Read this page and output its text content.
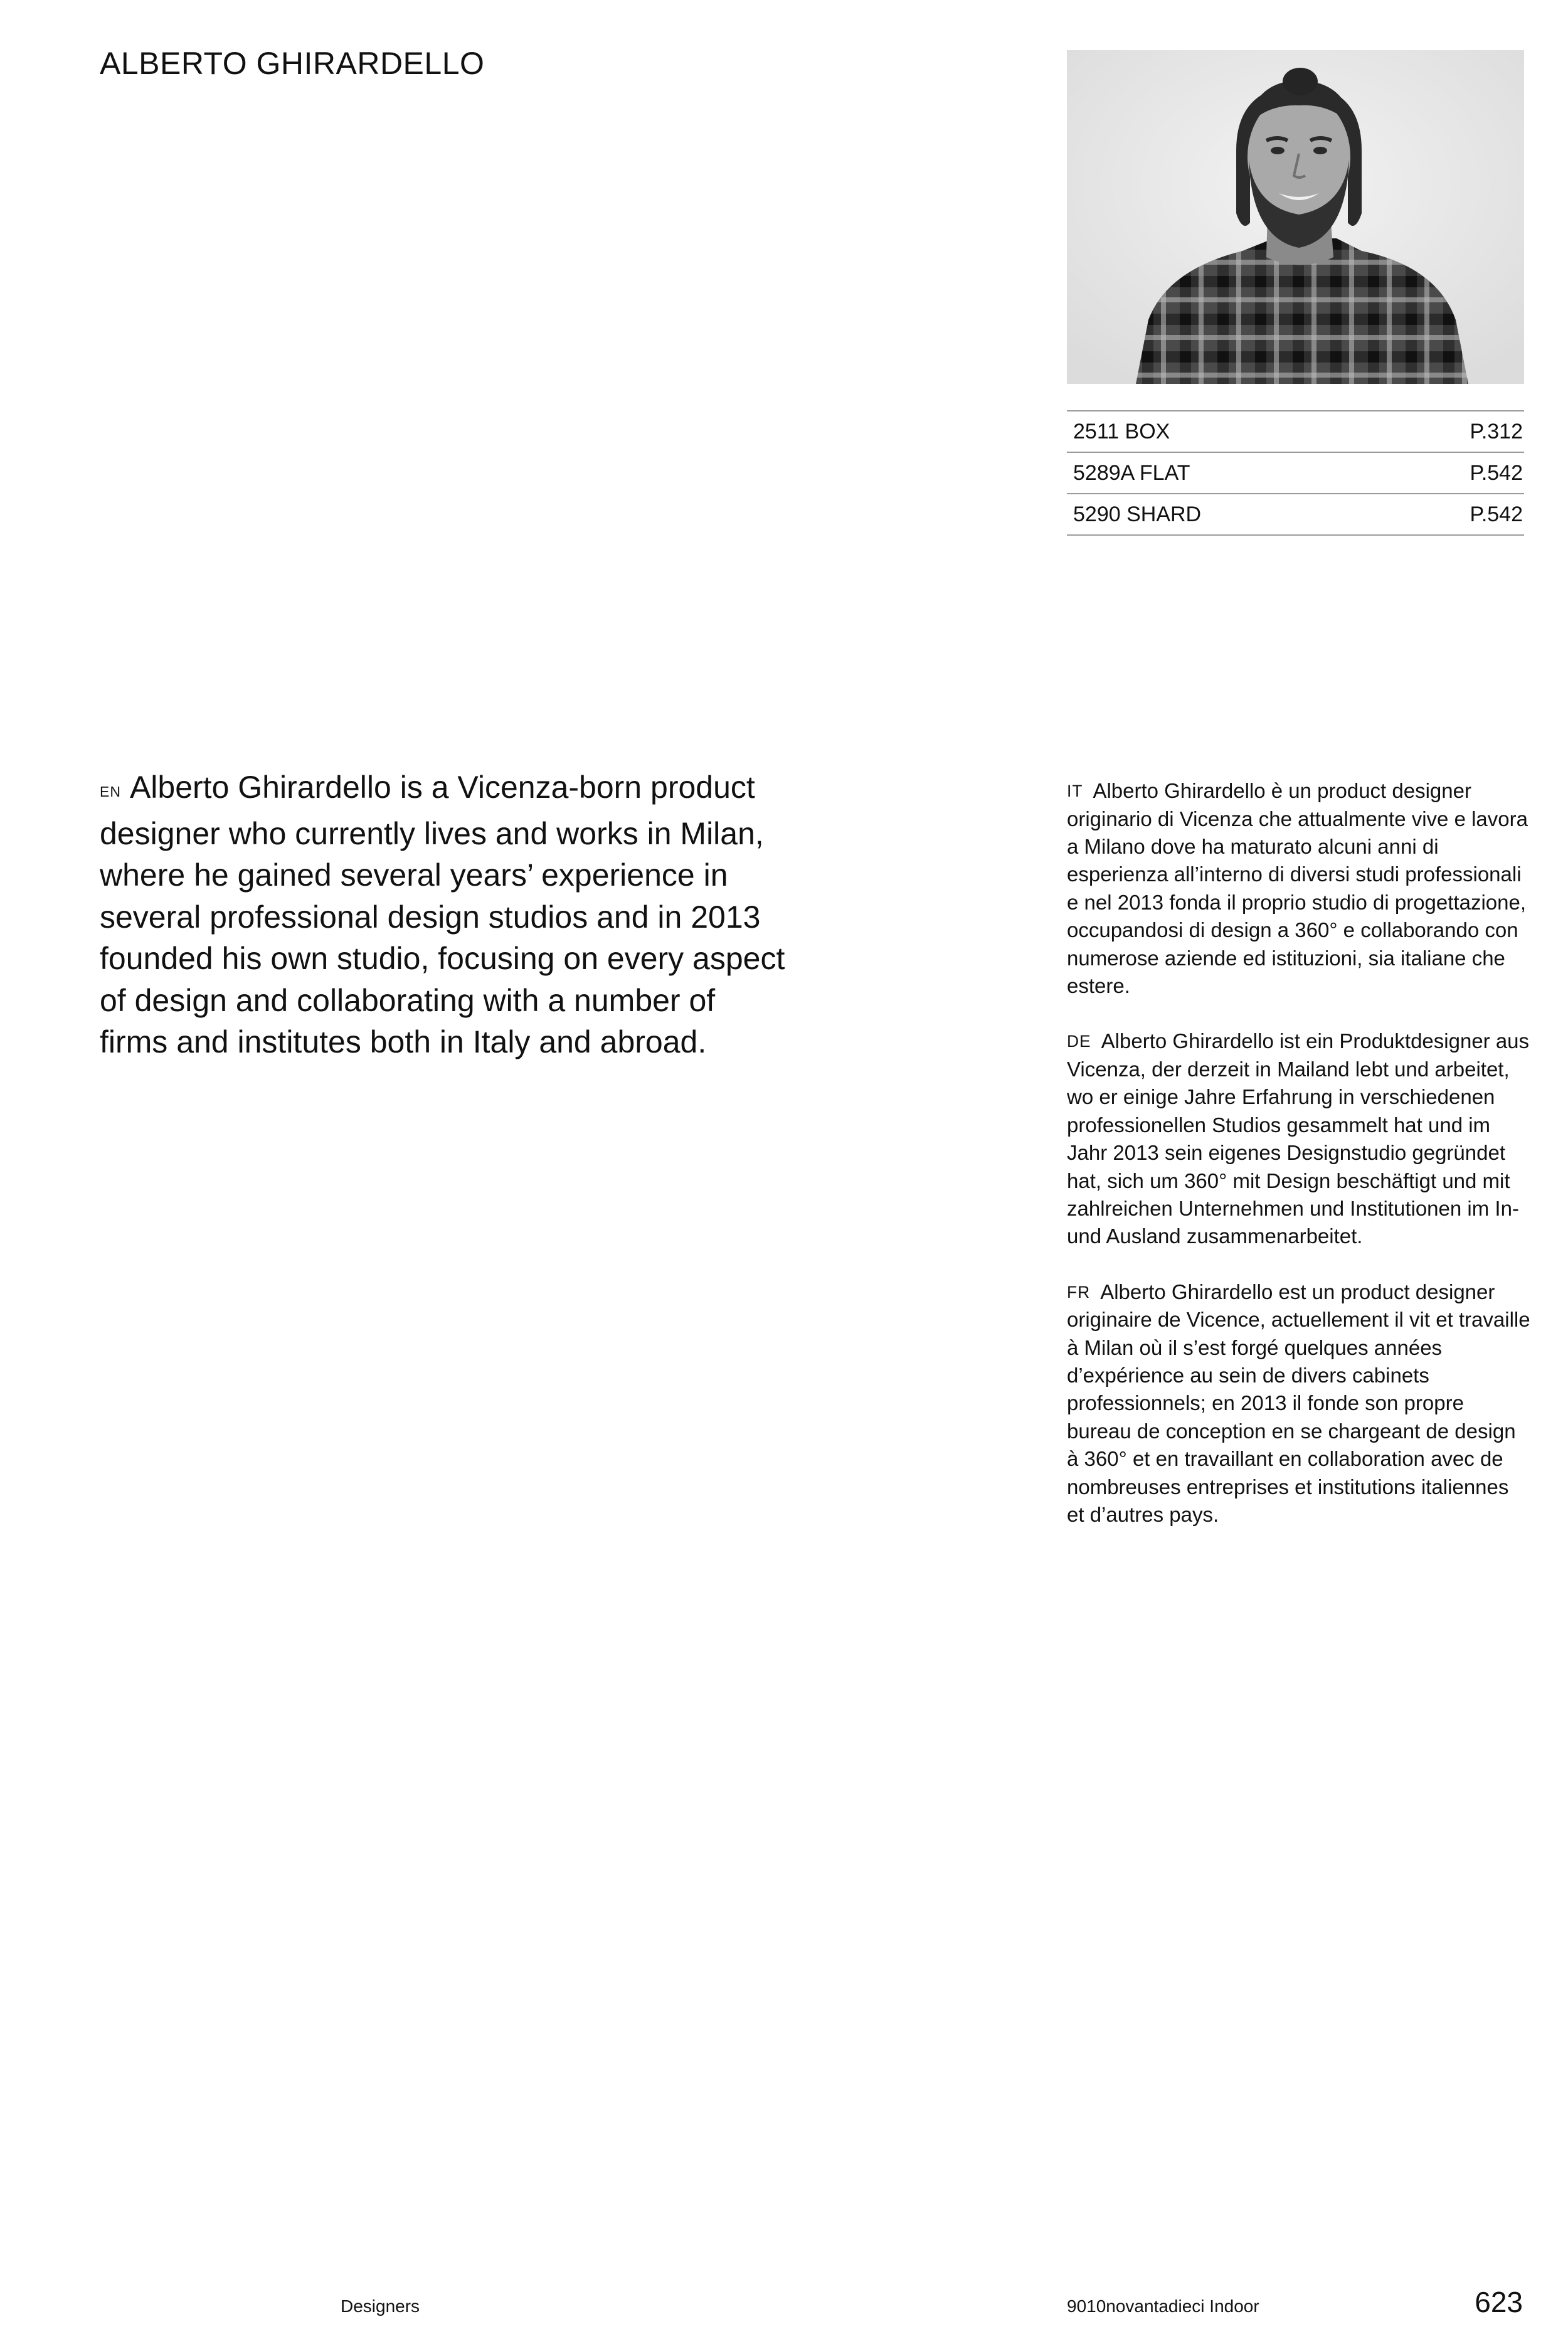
ALBERTO GHIRARDELLO
2511 BOX	P.312
5289A FLAT	P.542
5290 SHARD	P.542
EN Alberto Ghirardello is a Vicenza-born product designer who currently lives and works in Milan, where he gained several years’ experience in several professional design studios and in 2013 founded his own studio, focusing on every aspect of design and collaborating with a number of firms and institutes both in Italy and abroad.

IT Alberto Ghirardello è un product designer originario di Vicenza che attualmente vive e lavora a Milano dove ha maturato alcuni anni di esperienza all’interno di diversi studi professionali e nel 2013 fonda il proprio studio di progettazione, occupandosi di design a 360° e collaborando con numerose aziende ed istituzioni, sia italiane che estere.

DE Alberto Ghirardello ist ein Produktdesigner aus Vicenza, der derzeit in Mailand lebt und arbeitet, wo er einige Jahre Erfahrung in verschiedenen professionellen Studios gesammelt hat und im Jahr 2013 sein eigenes Designstudio gegründet hat, sich um 360° mit Design beschäftigt und mit zahlreichen Unternehmen und Institutionen im In- und Ausland zusammenarbeitet.

FR Alberto Ghirardello est un product designer originaire de Vicence, actuellement il vit et travaille à Milan où il s’est forgé quelques années d’expérience au sein de divers cabinets professionnels; en 2013 il fonde son propre bureau de conception en se chargeant de design à 360° et en travaillant en collaboration avec de nombreuses entreprises et institutions italiennes et d’autres pays.

Designers	9010novantadieci Indoor	623
